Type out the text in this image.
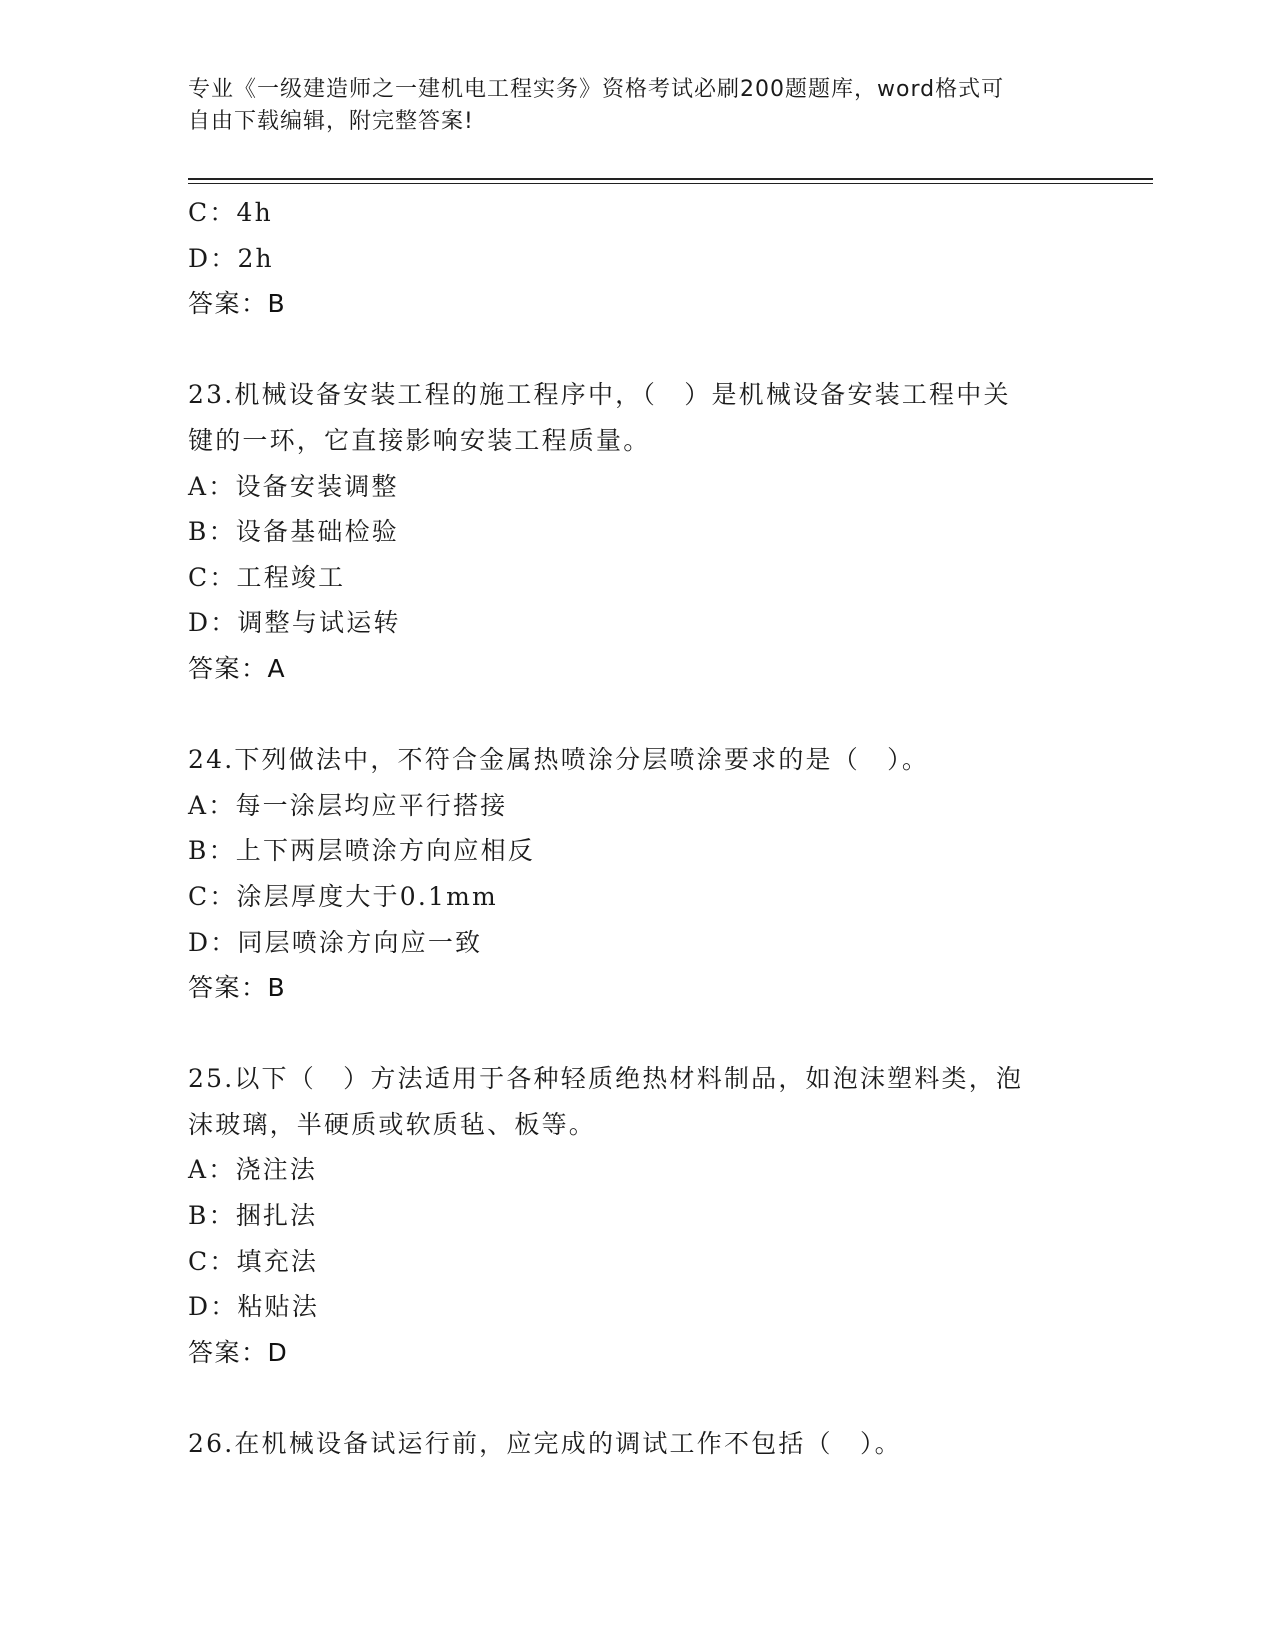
专业《一级建造师之一建机电工程实务》资格考试必刷200题题库，word格式可
自由下载编辑，附完整答案!
C：4h
D：2h
答案：B
23.机械设备安装工程的施工程序中，（　）是机械设备安装工程中关
键的一环，它直接影响安装工程质量。
A：设备安装调整
B：设备基础检验
C：工程竣工
D：调整与试运转
答案：A
24.下列做法中，不符合金属热喷涂分层喷涂要求的是（　）。
A：每一涂层均应平行搭接
B：上下两层喷涂方向应相反
C：涂层厚度大于0.1mm
D：同层喷涂方向应一致
答案：B
25.以下（　）方法适用于各种轻质绝热材料制品，如泡沫塑料类，泡
沫玻璃，半硬质或软质毡、板等。
A：浇注法
B：捆扎法
C：填充法
D：粘贴法
答案：D
26.在机械设备试运行前，应完成的调试工作不包括（　）。
